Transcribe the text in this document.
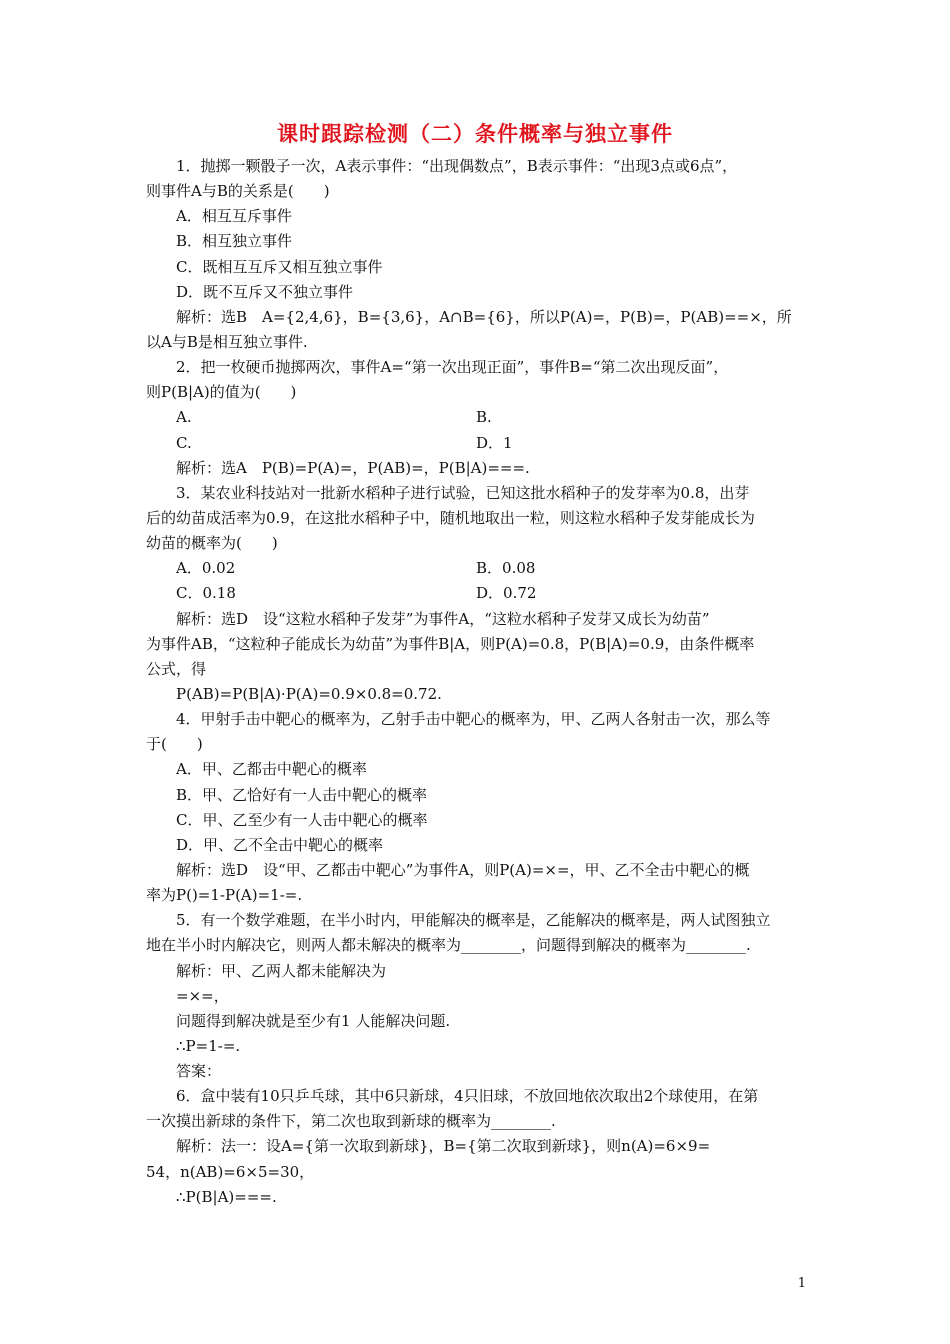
课时跟踪检测（二）条件概率与独立事件
1．抛掷一颗骰子一次，A表示事件：“出现偶数点”，B表示事件：“出现3点或6点”，
则事件A与B的关系是(　　)
A．相互互斥事件
B．相互独立事件
C．既相互互斥又相互独立事件
D．既不互斥又不独立事件
解析：选B　A={2,4,6}，B={3,6}，A∩B={6}，所以P(A)=，P(B)=，P(AB)==×，所
以A与B是相互独立事件.
2．把一枚硬币抛掷两次，事件A=“第一次出现正面”，事件B=“第二次出现反面”，
则P(B|A)的值为(　　)
A.	B.
C.	D．1
解析：选A　P(B)=P(A)=，P(AB)=，P(B|A)===.
3．某农业科技站对一批新水稻种子进行试验，已知这批水稻种子的发芽率为0.8，出芽
后的幼苗成活率为0.9，在这批水稻种子中，随机地取出一粒，则这粒水稻种子发芽能成长为
幼苗的概率为(　　)
A．0.02	B．0.08
C．0.18	D．0.72
解析：选D　设“这粒水稻种子发芽”为事件A，“这粒水稻种子发芽又成长为幼苗”
为事件AB，“这粒种子能成长为幼苗”为事件B|A，则P(A)=0.8，P(B|A)=0.9，由条件概率
公式，得
P(AB)=P(B|A)·P(A)=0.9×0.8=0.72.
4．甲射手击中靶心的概率为，乙射手击中靶心的概率为，甲、乙两人各射击一次，那么等
于(　　)
A．甲、乙都击中靶心的概率
B．甲、乙恰好有一人击中靶心的概率
C．甲、乙至少有一人击中靶心的概率
D．甲、乙不全击中靶心的概率
解析：选D　设“甲、乙都击中靶心”为事件A，则P(A)=×=，甲、乙不全击中靶心的概
率为P()=1-P(A)=1-=.
5．有一个数学难题，在半小时内，甲能解决的概率是，乙能解决的概率是，两人试图独立
地在半小时内解决它，则两人都未解决的概率为________，问题得到解决的概率为________.
解析：甲、乙两人都未能解决为
=×=，
问题得到解决就是至少有1 人能解决问题.
∴P=1-=.
答案：
6．盒中装有10只乒乓球，其中6只新球，4只旧球，不放回地依次取出2个球使用，在第
一次摸出新球的条件下，第二次也取到新球的概率为________.
解析：法一：设A={第一次取到新球}，B={第二次取到新球}，则n(A)=6×9=
54，n(AB)=6×5=30，
∴P(B|A)===.
1
